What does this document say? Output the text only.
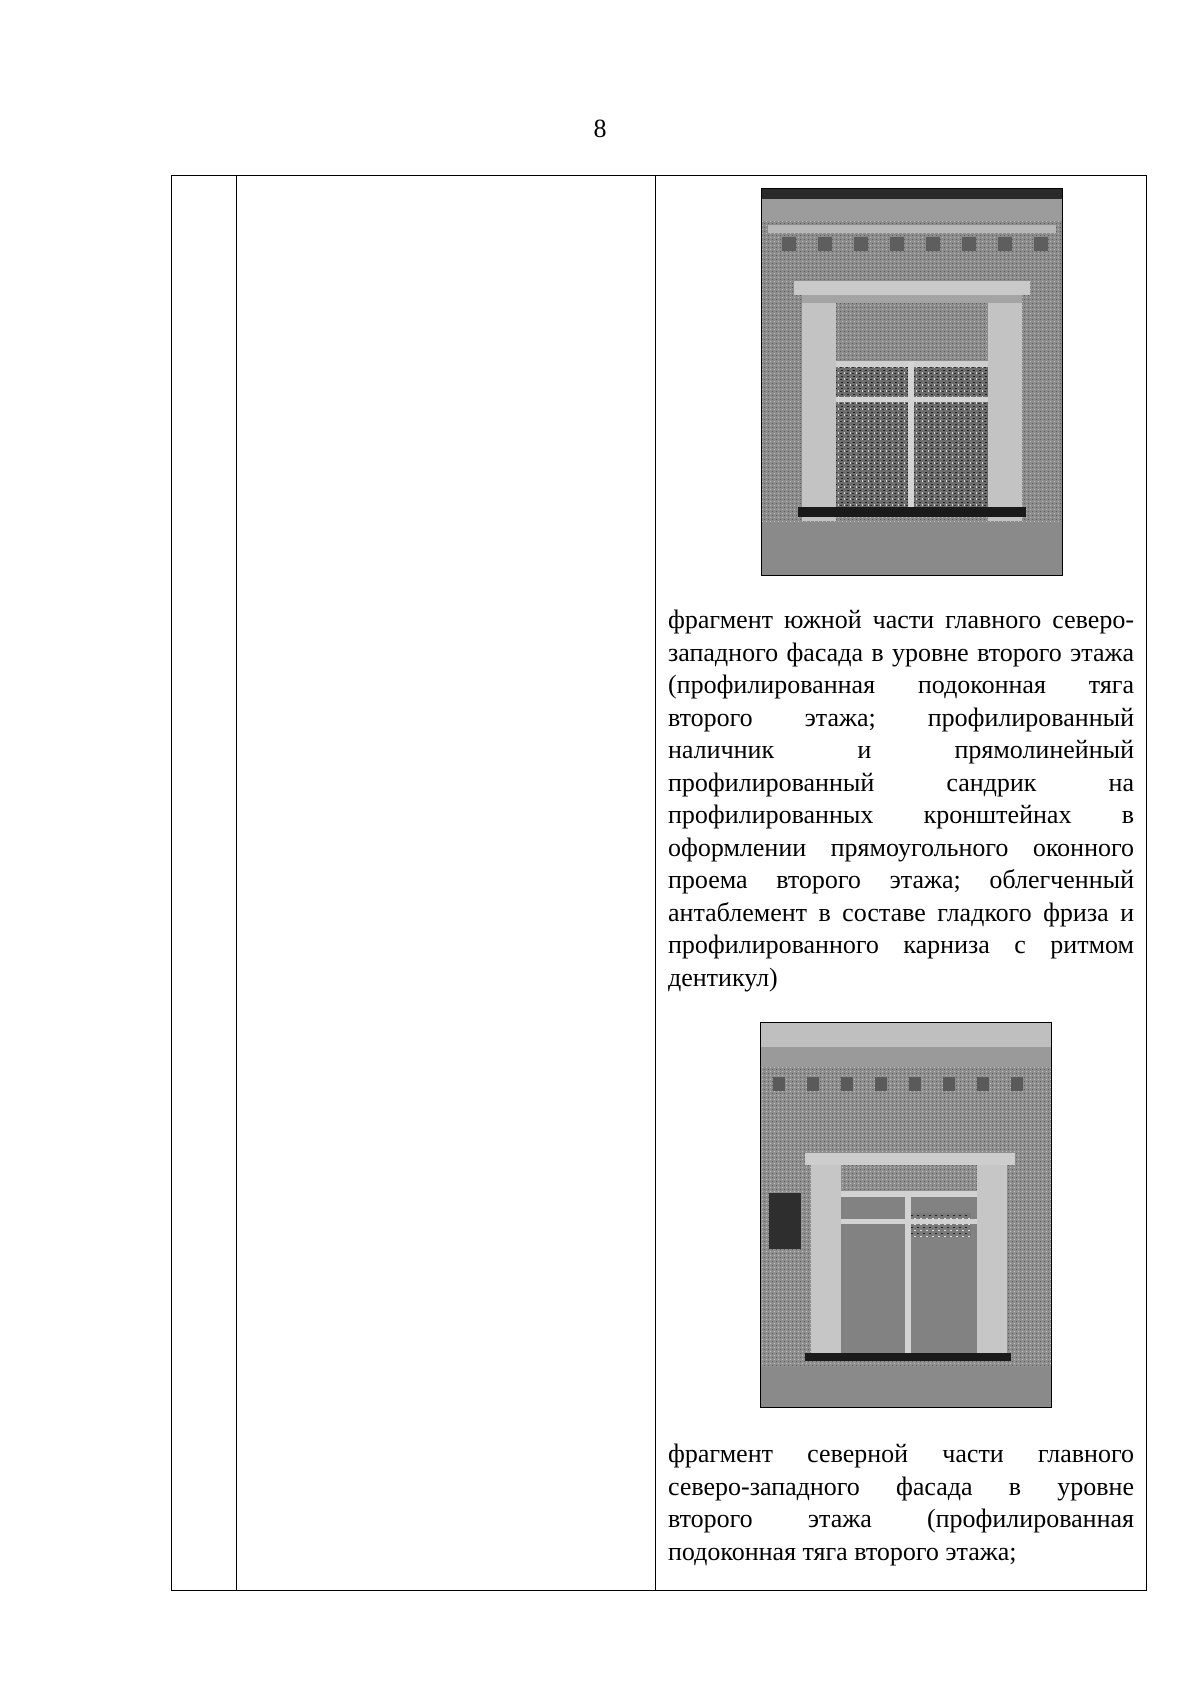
8

фрагмент южной части главного северо-западного фасада в уровне второго этажа (профилированная подоконная тяга второго этажа; профилированный наличник и прямолинейный профилированный сандрик на профилированных кронштейнах в оформлении прямоугольного оконного проема второго этажа; облегченный антаблемент в составе гладкого фриза и профилированного карниза с ритмом дентикул)

фрагмент северной части главного северо-западного фасада в уровне второго этажа (профилированная подоконная тяга второго этажа;
